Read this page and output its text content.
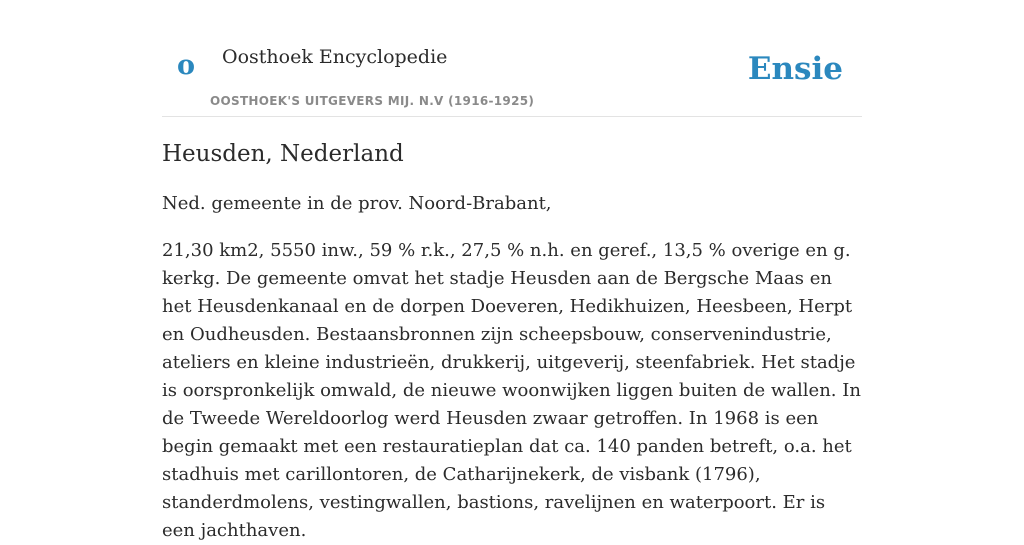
o Oosthoek Encyclopedie
OOSTHOEK'S UITGEVERS MIJ. N.V (1916-1925)
Ensie
Heusden, Nederland

Ned. gemeente in de prov. Noord-Brabant,

21,30 km2, 5550 inw., 59 % r.k., 27,5 % n.h. en geref., 13,5 % overige en g. kerkg. De gemeente omvat het stadje Heusden aan de Bergsche Maas en het Heusdenkanaal en de dorpen Doeveren, Hedikhuizen, Heesbeen, Herpt en Oudheusden. Bestaansbronnen zijn scheepsbouw, conservenindustrie, ateliers en kleine industrieën, drukkerij, uitgeverij, steenfabriek. Het stadje is oorspronkelijk omwald, de nieuwe woonwijken liggen buiten de wallen. In de Tweede Wereldoorlog werd Heusden zwaar getroffen. In 1968 is een begin gemaakt met een restauratieplan dat ca. 140 panden betreft, o.a. het stadhuis met carillontoren, de Catharijnekerk, de visbank (1796), standerdmolens, vestingwallen, bastions, ravelijnen en waterpoort. Er is een jachthaven.
